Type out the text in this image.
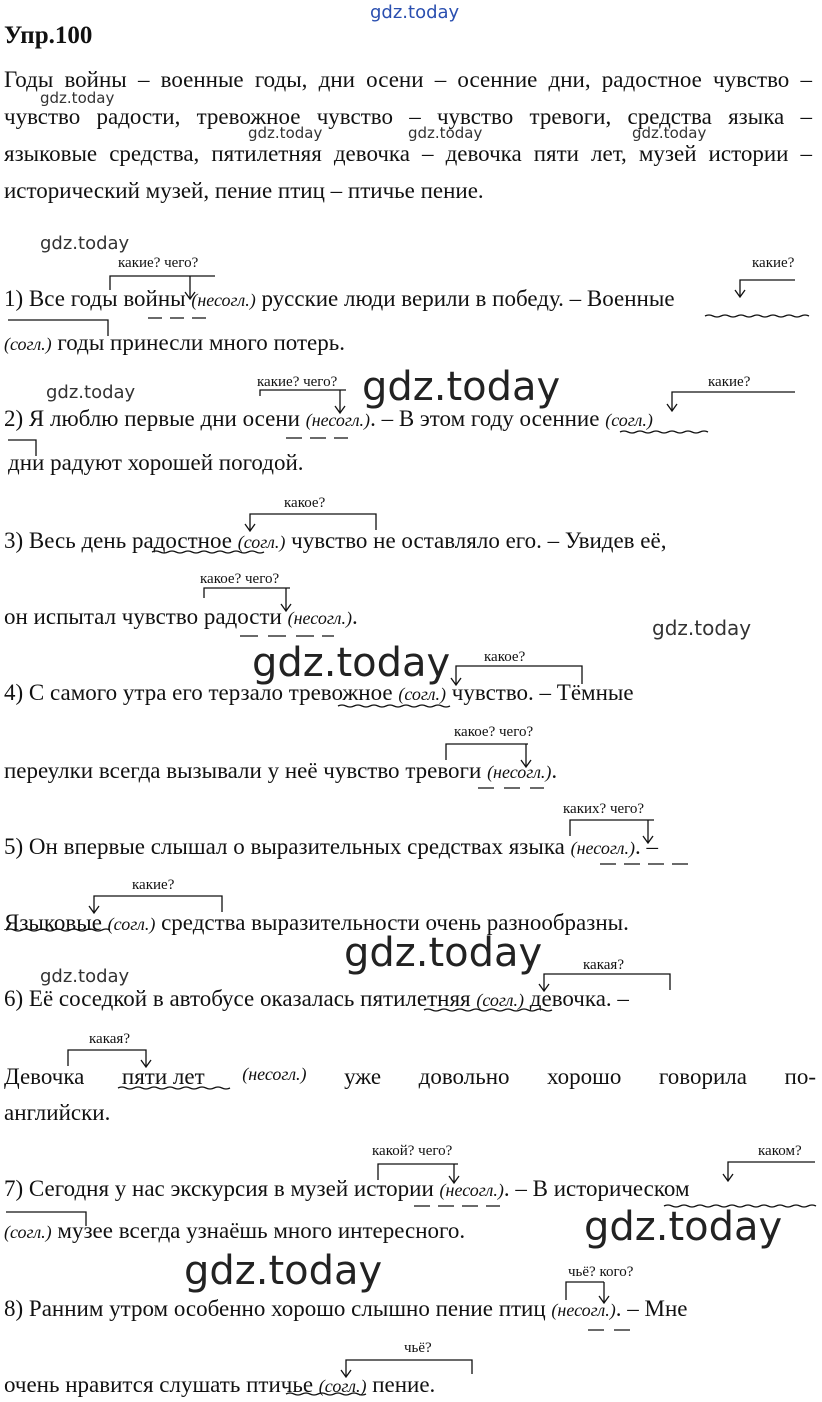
gdz.today
gdz.today
gdz.today	gdz.today	gdz.today
gdz.today
gdz.today	gdz.today
gdz.today
gdz.today
gdz.today
gdz.today
gdz.today
gdz.today
Упр.100
Годы войны – военные годы, дни осени – осенние дни, радостное чувство – чувство радости, тревожное чувство – чувство тревоги, средства языка – языковые средства, пятилетняя девочка – девочка пяти лет, музей истории – исторический музей, пение птиц – птичье пение.
какие? чего?	какие?
какие? чего?	какие?
какое?
какое? чего?
какое?
какое? чего?
каких? чего?
какие?
какая?
какая?
какой? чего?	каком?
чьё? кого?
чьё?
1) Все годы войны (несогл.) русские люди верили в победу. – Военные
(согл.) годы принесли много потерь.
2) Я люблю первые дни осени (несогл.). – В этом году осенние (согл.)
дни радуют хорошей погодой.
3) Весь день радостное (согл.) чувство не оставляло его. – Увидев её,
он испытал чувство радости (несогл.).
4) С самого утра его терзало тревожное (согл.) чувство. – Тёмные
переулки всегда вызывали у неё чувство тревоги (несогл.).
5) Он впервые слышал о выразительных средствах языка (несогл.). –
Языковые (согл.) средства выразительности очень разнообразны.
6) Её соседкой в автобусе оказалась пятилетняя (согл.) девочка. –
Девочка пяти лет (несогл.) уже довольно хорошо говорила по-
английски.
7) Сегодня у нас экскурсия в музей истории (несогл.). – В историческом
(согл.) музее всегда узнаёшь много интересного.
8) Ранним утром особенно хорошо слышно пение птиц (несогл.). – Мне
очень нравится слушать птичье (согл.) пение.
